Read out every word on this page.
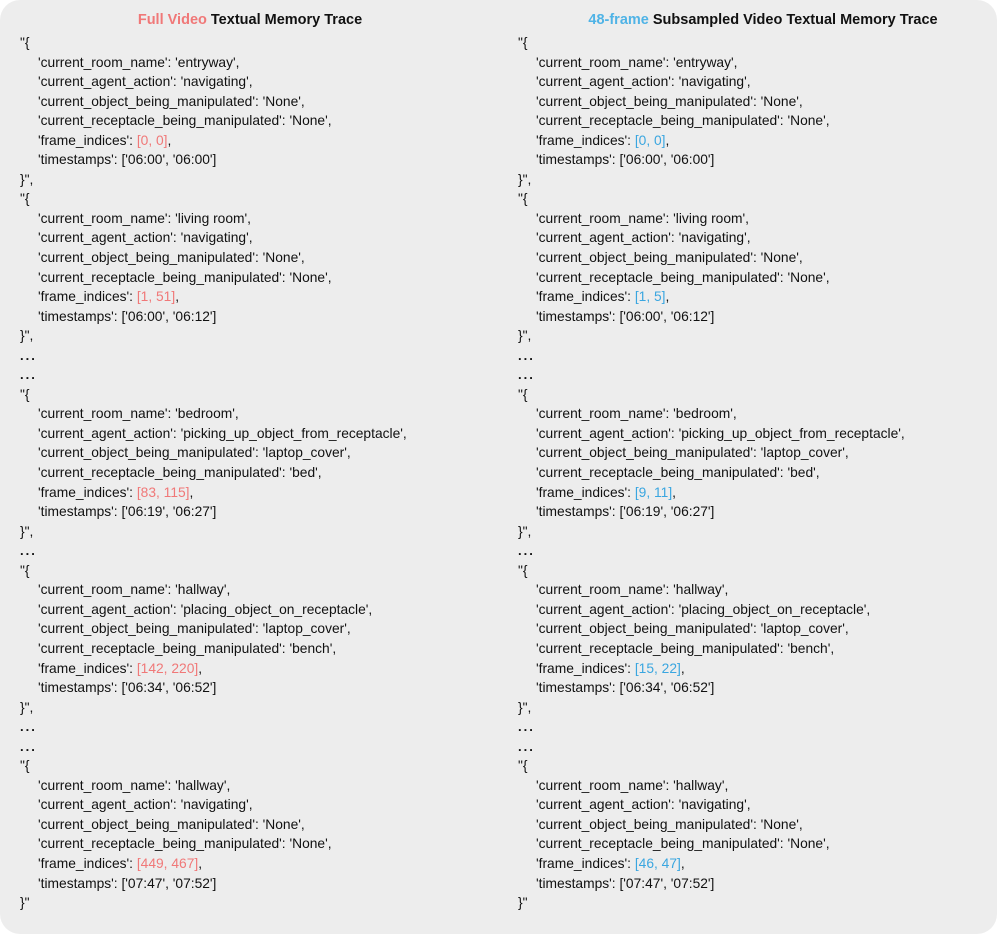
Full Video Textual Memory Trace
"{
'current_room_name': 'entryway',
'current_agent_action': 'navigating',
'current_object_being_manipulated': 'None',
'current_receptacle_being_manipulated': 'None',
'frame_indices': [0, 0],
'timestamps': ['06:00', '06:00']
}",
"{
'current_room_name': 'living room',
'current_agent_action': 'navigating',
'current_object_being_manipulated': 'None',
'current_receptacle_being_manipulated': 'None',
'frame_indices': [1, 51],
'timestamps': ['06:00', '06:12']
}",
...
...
"{
'current_room_name': 'bedroom',
'current_agent_action': 'picking_up_object_from_receptacle',
'current_object_being_manipulated': 'laptop_cover',
'current_receptacle_being_manipulated': 'bed',
'frame_indices': [83, 115],
'timestamps': ['06:19', '06:27']
}",
...
"{
'current_room_name': 'hallway',
'current_agent_action': 'placing_object_on_receptacle',
'current_object_being_manipulated': 'laptop_cover',
'current_receptacle_being_manipulated': 'bench',
'frame_indices': [142, 220],
'timestamps': ['06:34', '06:52']
}",
...
...
"{
'current_room_name': 'hallway',
'current_agent_action': 'navigating',
'current_object_being_manipulated': 'None',
'current_receptacle_being_manipulated': 'None',
'frame_indices': [449, 467],
'timestamps': ['07:47', '07:52']
}"
48-frame Subsampled Video Textual Memory Trace
"{
'current_room_name': 'entryway',
'current_agent_action': 'navigating',
'current_object_being_manipulated': 'None',
'current_receptacle_being_manipulated': 'None',
'frame_indices': [0, 0],
'timestamps': ['06:00', '06:00']
}",
"{
'current_room_name': 'living room',
'current_agent_action': 'navigating',
'current_object_being_manipulated': 'None',
'current_receptacle_being_manipulated': 'None',
'frame_indices': [1, 5],
'timestamps': ['06:00', '06:12']
}",
...
...
"{
'current_room_name': 'bedroom',
'current_agent_action': 'picking_up_object_from_receptacle',
'current_object_being_manipulated': 'laptop_cover',
'current_receptacle_being_manipulated': 'bed',
'frame_indices': [9, 11],
'timestamps': ['06:19', '06:27']
}",
...
"{
'current_room_name': 'hallway',
'current_agent_action': 'placing_object_on_receptacle',
'current_object_being_manipulated': 'laptop_cover',
'current_receptacle_being_manipulated': 'bench',
'frame_indices': [15, 22],
'timestamps': ['06:34', '06:52']
}",
...
...
"{
'current_room_name': 'hallway',
'current_agent_action': 'navigating',
'current_object_being_manipulated': 'None',
'current_receptacle_being_manipulated': 'None',
'frame_indices': [46, 47],
'timestamps': ['07:47', '07:52']
}"
